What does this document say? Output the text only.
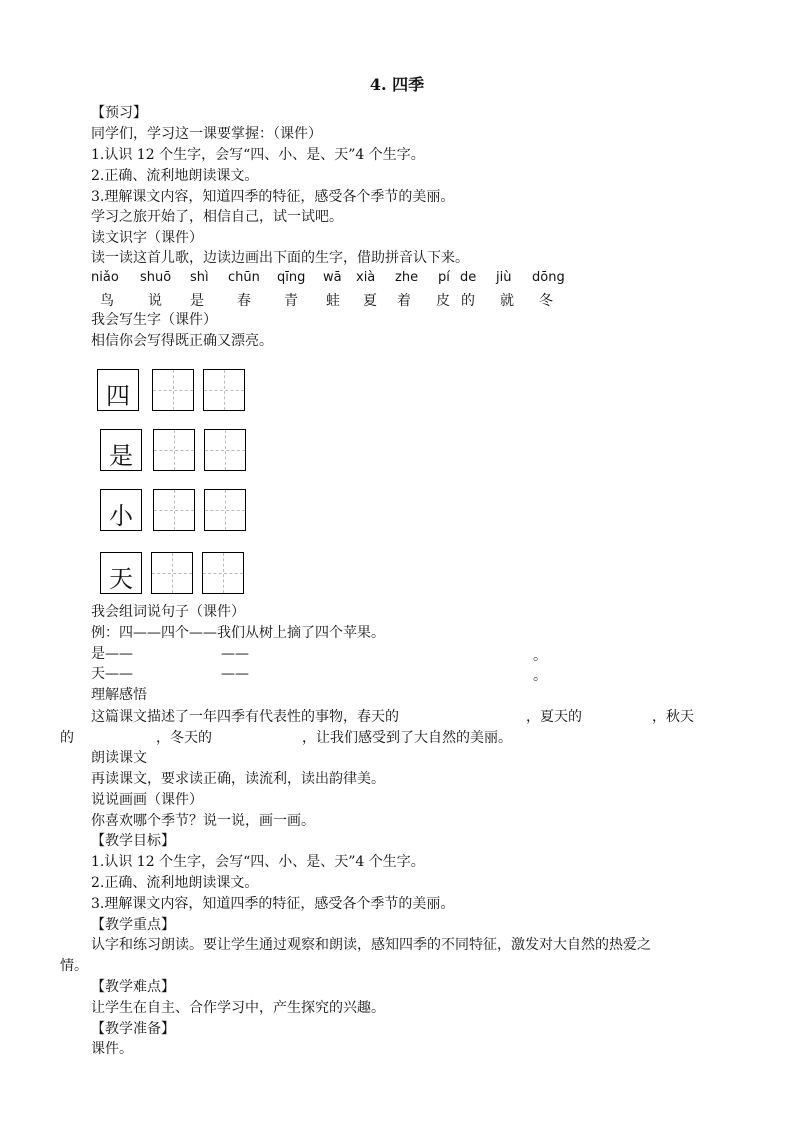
4. 四季
【预习】
同学们，学习这一课要掌握：（课件）
1.认识 12 个生字，会写“四、小、是、天”4 个生字。
2.正确、流利地朗读课文。
3.理解课文内容，知道四季的特征，感受各个季节的美丽。
学习之旅开始了，相信自己，试一试吧。
读文识字（课件）
读一读这首儿歌，边读边画出下面的生字，借助拼音认下来。
niǎo shuō shì chūn qīng wā xià zhe pí de jiù dōng
鸟 说 是 春 青 蛙 夏 着 皮 的 就 冬
我会写生字（课件）
相信你会写得既正确又漂亮。
四
是
小
天
我会组词说句子（课件）
例：四——四个——我们从树上摘了四个苹果。
是——	——	。
天——	——	。
理解感悟
这篇课文描述了一年四季有代表性的事物，春天的	，夏天的	，秋天
的	，冬天的	，让我们感受到了大自然的美丽。
朗读课文
再读课文，要求读正确，读流利，读出韵律美。
说说画画（课件）
你喜欢哪个季节？说一说，画一画。
【教学目标】
1.认识 12 个生字，会写“四、小、是、天”4 个生字。
2.正确、流利地朗读课文。
3.理解课文内容，知道四季的特征，感受各个季节的美丽。
【教学重点】
认字和练习朗读。要让学生通过观察和朗读，感知四季的不同特征，激发对大自然的热爱之
情。
【教学难点】
让学生在自主、合作学习中，产生探究的兴趣。
【教学准备】
课件。
